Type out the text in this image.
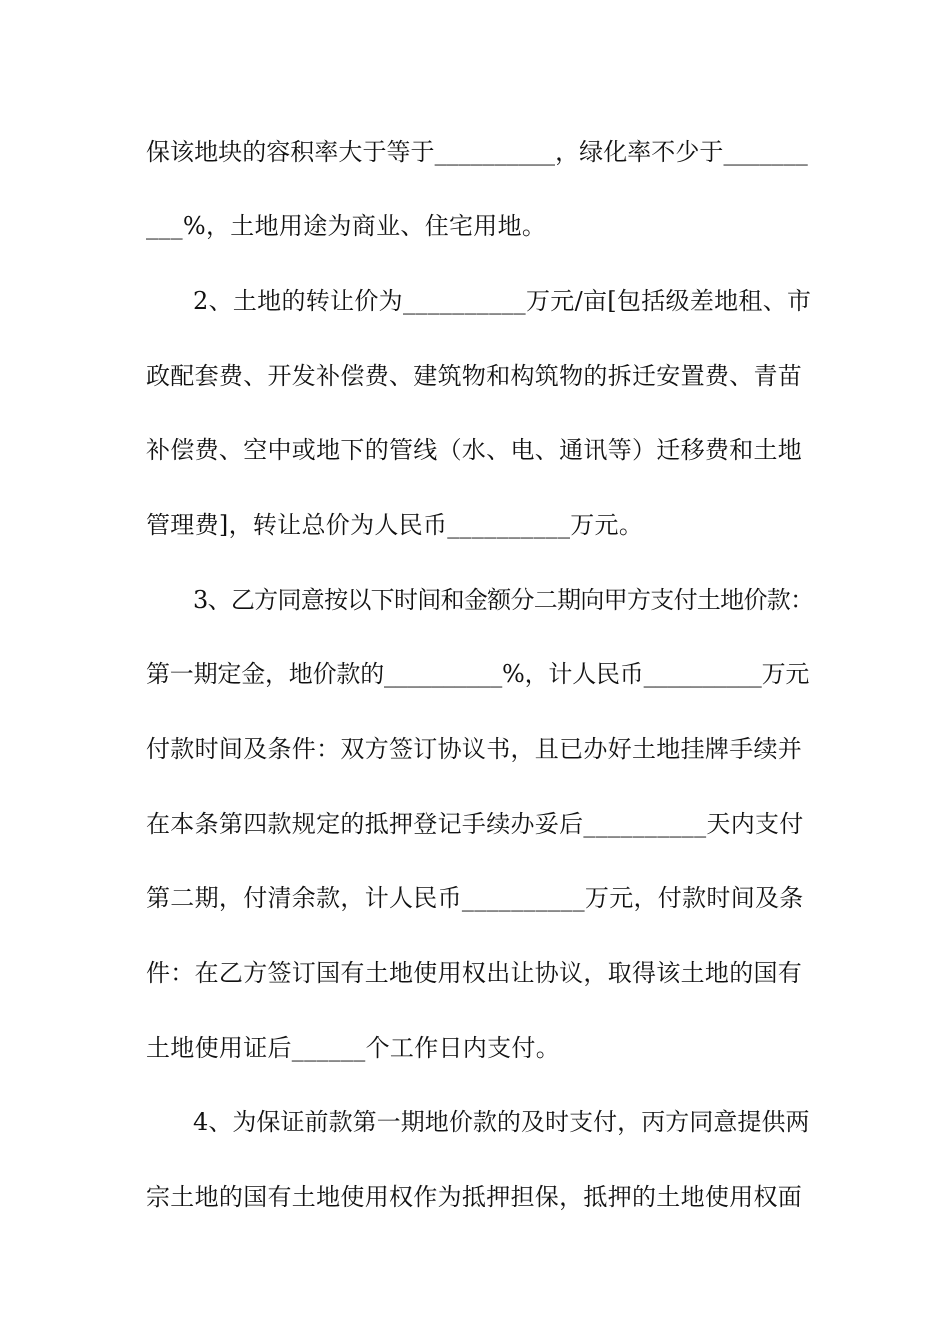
保该地块的容积率大于等于__________，绿化率不少于_______
___%，土地用途为商业、住宅用地。
2、土地的转让价为__________万元/亩[包括级差地租、市
政配套费、开发补偿费、建筑物和构筑物的拆迁安置费、青苗
补偿费、空中或地下的管线（水、电、通讯等）迁移费和土地
管理费]，转让总价为人民币__________万元。
3、乙方同意按以下时间和金额分二期向甲方支付土地价款：
第一期定金，地价款的__________%，计人民币__________万元
付款时间及条件：双方签订协议书，且已办好土地挂牌手续并
在本条第四款规定的抵押登记手续办妥后__________天内支付
第二期，付清余款，计人民币__________万元，付款时间及条
件：在乙方签订国有土地使用权出让协议，取得该土地的国有
土地使用证后______个工作日内支付。
4、为保证前款第一期地价款的及时支付，丙方同意提供两
宗土地的国有土地使用权作为抵押担保，抵押的土地使用权面
